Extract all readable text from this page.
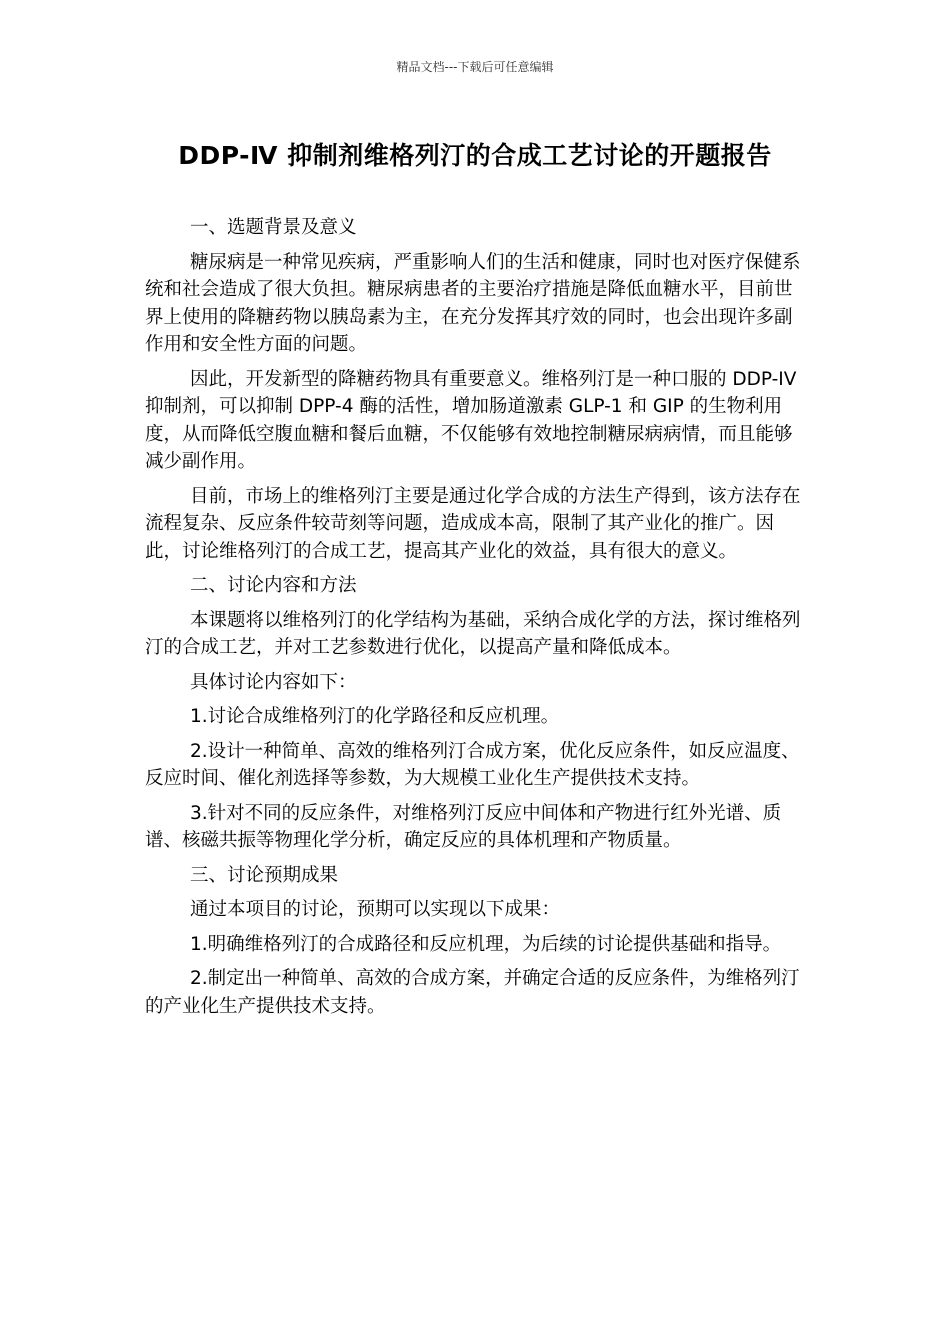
精品文档---下载后可任意编辑
DDP-Ⅳ 抑制剂维格列汀的合成工艺讨论的开题报告

一、选题背景及意义

糖尿病是一种常见疾病，严重影响人们的生活和健康，同时也对医疗保健系统和社会造成了很大负担。糖尿病患者的主要治疗措施是降低血糖水平，目前世界上使用的降糖药物以胰岛素为主，在充分发挥其疗效的同时，也会出现许多副作用和安全性方面的问题。

因此，开发新型的降糖药物具有重要意义。维格列汀是一种口服的 DDP-IV 抑制剂，可以抑制 DPP-4 酶的活性，增加肠道激素 GLP-1 和 GIP 的生物利用度，从而降低空腹血糖和餐后血糖，不仅能够有效地控制糖尿病病情，而且能够减少副作用。

目前，市场上的维格列汀主要是通过化学合成的方法生产得到，该方法存在流程复杂、反应条件较苛刻等问题，造成成本高，限制了其产业化的推广。因此，讨论维格列汀的合成工艺，提高其产业化的效益，具有很大的意义。

二、讨论内容和方法

本课题将以维格列汀的化学结构为基础，采纳合成化学的方法，探讨维格列汀的合成工艺，并对工艺参数进行优化，以提高产量和降低成本。

具体讨论内容如下：

1.讨论合成维格列汀的化学路径和反应机理。

2.设计一种简单、高效的维格列汀合成方案，优化反应条件，如反应温度、反应时间、催化剂选择等参数，为大规模工业化生产提供技术支持。

3.针对不同的反应条件，对维格列汀反应中间体和产物进行红外光谱、质谱、核磁共振等物理化学分析，确定反应的具体机理和产物质量。

三、讨论预期成果

通过本项目的讨论，预期可以实现以下成果：

1.明确维格列汀的合成路径和反应机理，为后续的讨论提供基础和指导。

2.制定出一种简单、高效的合成方案，并确定合适的反应条件，为维格列汀的产业化生产提供技术支持。
